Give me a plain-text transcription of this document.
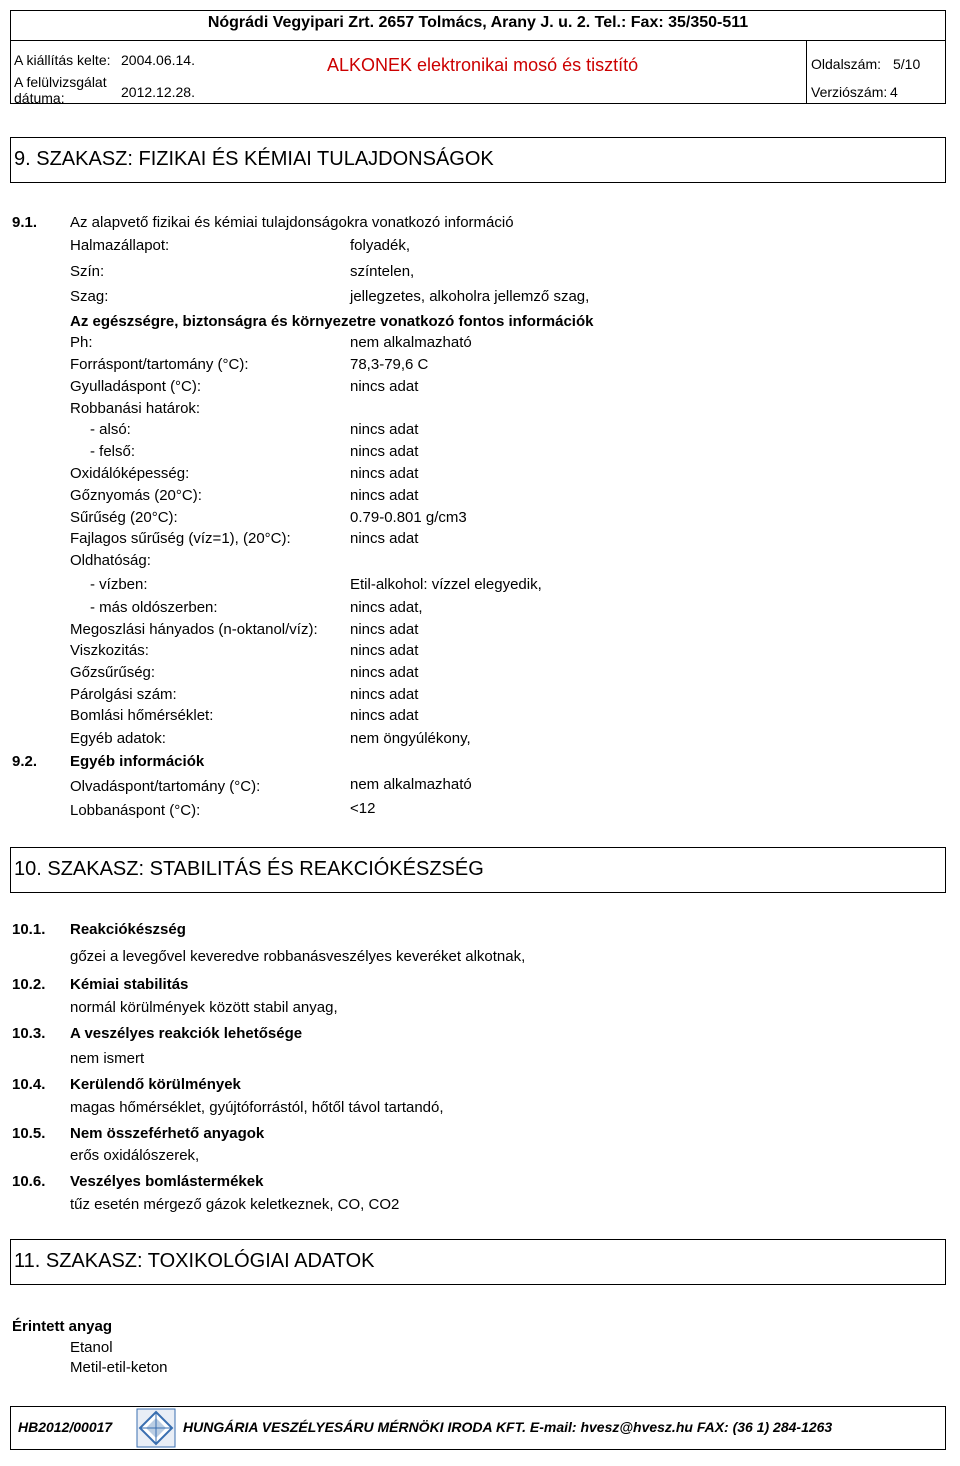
Nógrádi Vegyipari Zrt. 2657 Tolmács, Arany J. u. 2. Tel.: Fax: 35/350-511
A kiállítás kelte: 2004.06.14.
A felülvizsgálat
dátuma:	2012.12.28.
ALKONEK elektronikai mosó és tisztító	Oldalszám: 5/10
Verziószám: 4
9. SZAKASZ: FIZIKAI ÉS KÉMIAI TULAJDONSÁGOK
9.1. Az alapvető fizikai és kémiai tulajdonságokra vonatkozó információ
Halmazállapot:	folyadék,
Szín:	színtelen,
Szag:	jellegzetes, alkoholra jellemző szag,
Az egészségre, biztonságra és környezetre vonatkozó fontos információk
Ph:	nem alkalmazható
Forráspont/tartomány (°C):	78,3-79,6 C
Gyulladáspont (°C):	nincs adat
Robbanási határok:
- alsó:	nincs adat
- felső:	nincs adat
Oxidálóképesség:	nincs adat
Gőznyomás (20°C):	nincs adat
Sűrűség (20°C):	0.79-0.801 g/cm3
Fajlagos sűrűség (víz=1), (20°C):	nincs adat
Oldhatóság:
- vízben:	Etil-alkohol: vízzel elegyedik,
- más oldószerben:	nincs adat,
Megoszlási hányados (n-oktanol/víz): nincs adat
Viszkozitás:	nincs adat
Gőzsűrűség:	nincs adat
Párolgási szám:	nincs adat
Bomlási hőmérséklet:	nincs adat
Egyéb adatok:	nem öngyúlékony,
9.2. Egyéb információk
Olvadáspont/tartomány (°C):	nem alkalmazható
Lobbanáspont (°C):	<12
10. SZAKASZ: STABILITÁS ÉS REAKCIÓKÉSZSÉG
10.1. Reakciókészség
gőzei a levegővel keveredve robbanásveszélyes keveréket alkotnak,
10.2. Kémiai stabilitás
normál körülmények között stabil anyag,
10.3. A veszélyes reakciók lehetősége
nem ismert
10.4. Kerülendő körülmények
magas hőmérséklet, gyújtóforrástól, hőtől távol tartandó,
10.5. Nem összeférhető anyagok
erős oxidálószerek,
10.6. Veszélyes bomlástermékek
tűz esetén mérgező gázok keletkeznek, CO, CO2
11. SZAKASZ: TOXIKOLÓGIAI ADATOK
Érintett anyag
Etanol
Metil-etil-keton
HB2012/00017	HUNGÁRIA VESZÉLYESÁRU MÉRNÖKI IRODA KFT. E-mail: hvesz@hvesz.hu FAX: (36 1) 284-1263
